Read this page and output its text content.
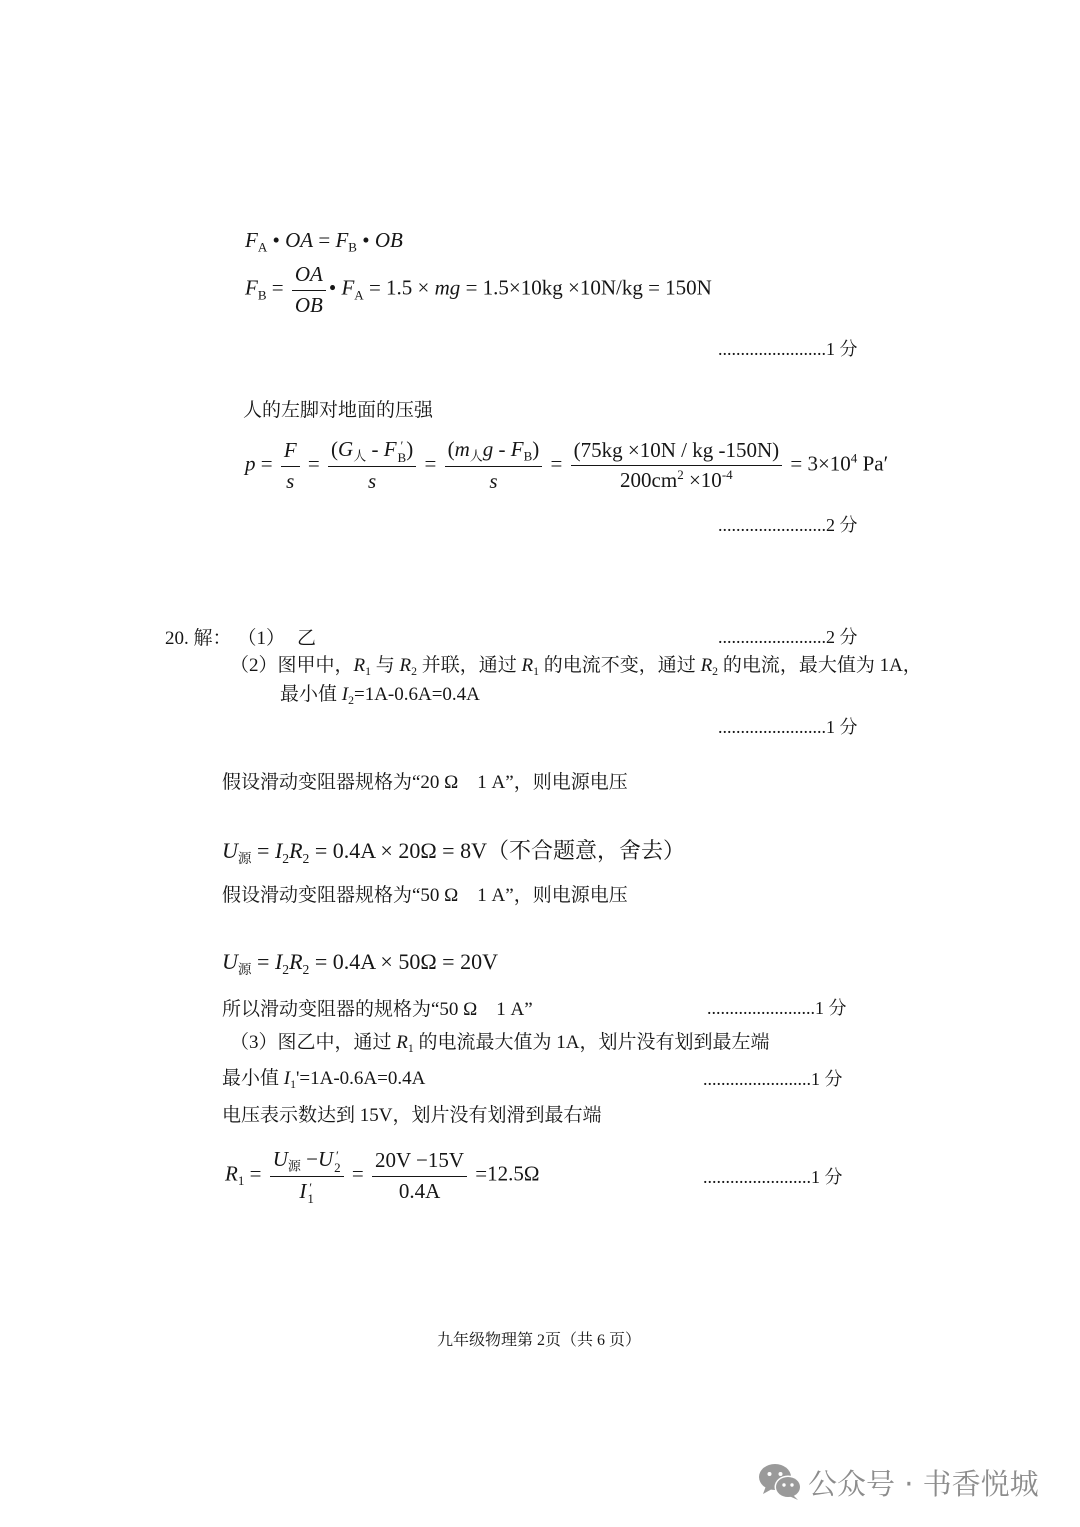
$F_A$ • OA = $F_B$ • OB
$F_B = \frac{OA}{OB}$ • $F_A = 1.5$ × mg = 1.5×10kg ×10N/kg = 150N
........................1 分
人的左脚对地面的压强
$p = \frac{F}{s} = (G_人 - F$ ′
B )
$s = \frac{(m_人g - F_B)}{s} = \frac{(75kg \times 10N / kg -150N)}{200cm^2 \times 10^{-4}} = 3\times 10^4$ Pa′
........................2 分
20. 解： （1） 乙	........................2 分
（2）图甲中，$R_1$ 与 $R_2$ 并联，通过 $R_1$ 的电流不变，通过 $R_2$ 的电流，最大值为 1A，
最小值 $I_2=1A-0.6A=0.4A$
........................1 分
假设滑动变阻器规格为“20 Ω　1 A”，则电源电压
$U_源 = I_2R_2 = 0.4A \times 20\Omega = 8V$（不合题意，舍去）
假设滑动变阻器规格为“50 Ω　1 A”，则电源电压
$U_源 = I_2R_2 = 0.4A \times 50\Omega = 20V$
所以滑动变阻器的规格为“50 Ω　1 A”	........................1 分
（3）图乙中，通过 $R_1$ 的电流最大值为 1A，划片没有划到最左端
最小值 $I_1'=1A-0.6A=0.4A$	........................1 分
电压表示数达到 15V，划片没有划滑到最右端
$R_1 = U_源 -U$ ′
2
I ′
$1 = \frac{20V -15V}{0.4A} =12.5\Omega$	........................1 分
九年级物理第 2页（共 6 页）
公众号 · 书香悦城
